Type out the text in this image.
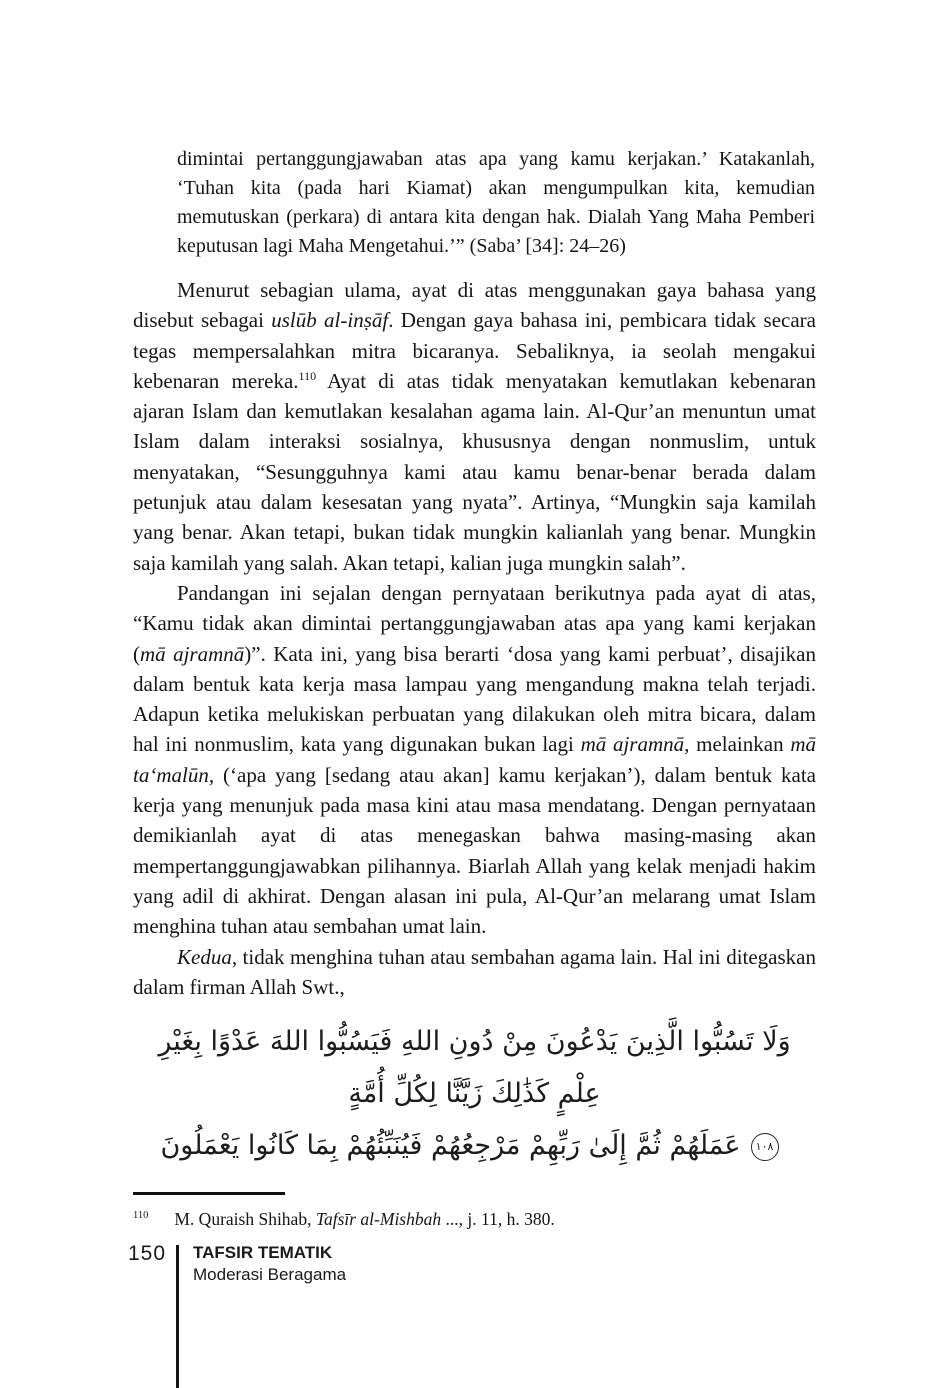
dimintai pertanggungjawaban atas apa yang kamu kerjakan.’ Katakanlah, ‘Tuhan kita (pada hari Kiamat) akan mengumpulkan kita, kemudian memutuskan (perkara) di antara kita dengan hak. Dialah Yang Maha Pemberi keputusan lagi Maha Mengetahui.’” (Saba’ [34]: 24–26)

Menurut sebagian ulama, ayat di atas menggunakan gaya bahasa yang disebut sebagai uslūb al-inṣāf. Dengan gaya bahasa ini, pembicara tidak secara tegas mempersalahkan mitra bicaranya. Sebaliknya, ia seolah mengakui kebenaran mereka.$^{110}$ Ayat di atas tidak menyatakan kemutlakan kebenaran ajaran Islam dan kemutlakan kesalahan agama lain. Al-Qur’an menuntun umat Islam dalam interaksi sosialnya, khususnya dengan nonmuslim, untuk menyatakan, “Sesungguhnya kami atau kamu benar-benar berada dalam petunjuk atau dalam kesesatan yang nyata”. Artinya, “Mungkin saja kamilah yang benar. Akan tetapi, bukan tidak mungkin kalianlah yang benar. Mungkin saja kamilah yang salah. Akan tetapi, kalian juga mungkin salah”.

Pandangan ini sejalan dengan pernyataan berikutnya pada ayat di atas, “Kamu tidak akan dimintai pertanggungjawaban atas apa yang kami kerjakan (mā ajramnā)”. Kata ini, yang bisa berarti ‘dosa yang kami perbuat’, disajikan dalam bentuk kata kerja masa lampau yang mengandung makna telah terjadi. Adapun ketika melukiskan perbuatan yang dilakukan oleh mitra bicara, dalam hal ini nonmuslim, kata yang digunakan bukan lagi mā ajramnā, melainkan mā ta‘malūn, (‘apa yang [sedang atau akan] kamu kerjakan’), dalam bentuk kata kerja yang menunjuk pada masa kini atau masa mendatang. Dengan pernyataan demikianlah ayat di atas menegaskan bahwa masing-masing akan mempertanggungjawabkan pilihannya. Biarlah Allah yang kelak menjadi hakim yang adil di akhirat. Dengan alasan ini pula, Al-Qur’an melarang umat Islam menghina tuhan atau sembahan umat lain.

Kedua, tidak menghina tuhan atau sembahan agama lain. Hal ini ditegaskan dalam firman Allah Swt.,

وَلَا تَسُبُّوا الَّذِينَ يَدْعُونَ مِنْ دُونِ اللهِ فَيَسُبُّوا اللهَ عَدْوًا بِغَيْرِ عِلْمٍ كَذَٰلِكَ زَيَّنَّا لِكُلِّ أُمَّةٍ
١٠٨عَمَلَهُمْ ثُمَّ إِلَىٰ رَبِّهِمْ مَرْجِعُهُمْ فَيُنَبِّئُهُمْ بِمَا كَانُوا يَعْمَلُونَ
$^{110}$ M. Quraish Shihab, Tafsīr al-Mishbah ..., j. 11, h. 380.
150 TAFSIR TEMATIK
Moderasi Beragama
